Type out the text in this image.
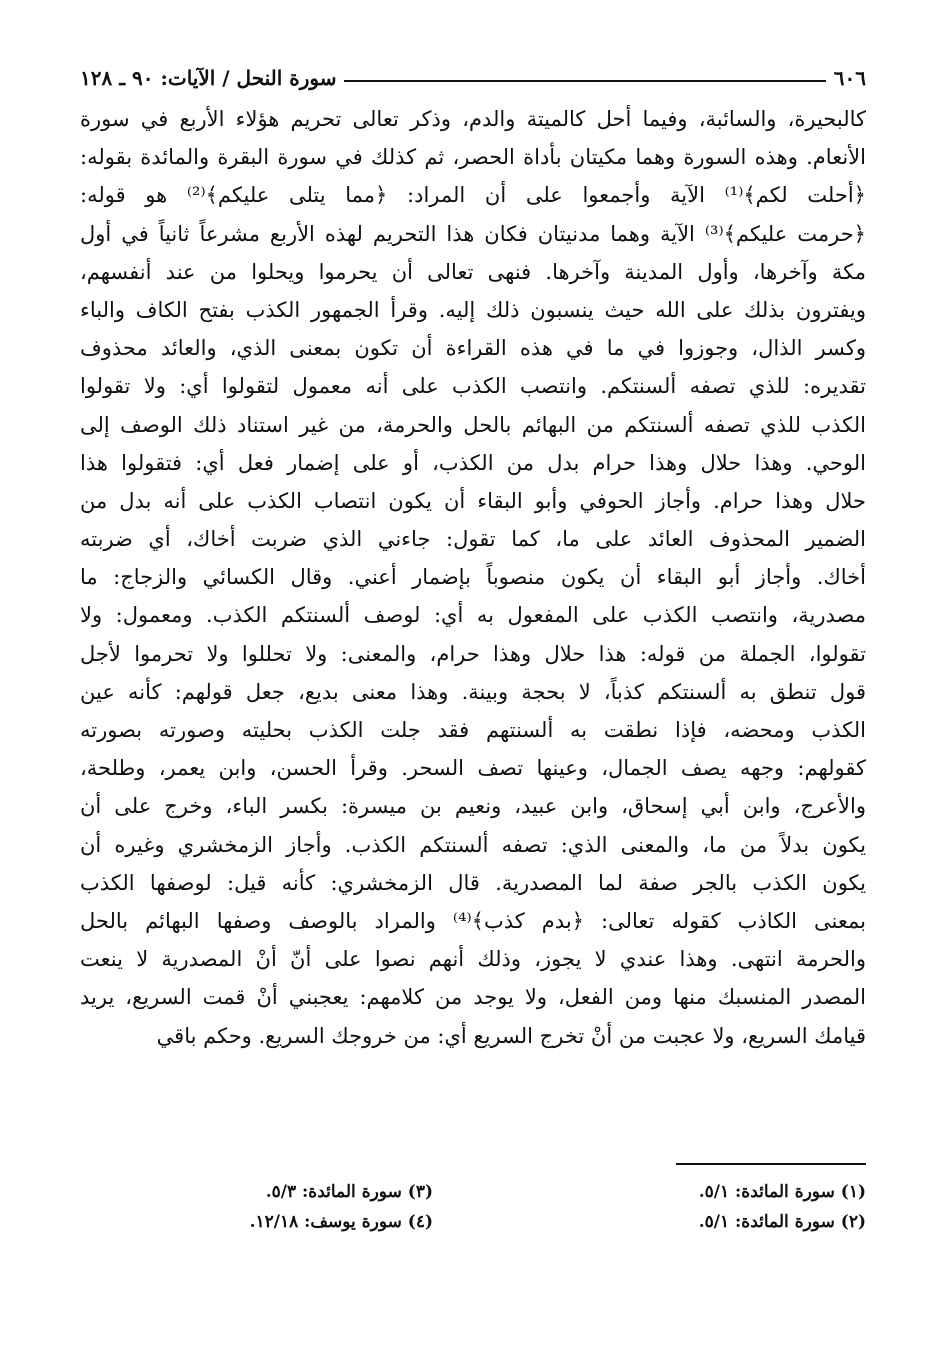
٦٠٦
سورة النحل / الآيات: ٩٠ ـ ١٢٨
كالبحيرة، والسائبة، وفيما أحل كالميتة والدم، وذكر تعالى تحريم هؤلاء الأربع في سورة
الأنعام. وهذه السورة وهما مكيتان بأداة الحصر، ثم كذلك في سورة البقرة والمائدة بقوله:
﴿أحلت لكم﴾⁽¹⁾ الآية وأجمعوا على أن المراد: ﴿مما يتلى عليكم﴾⁽²⁾ هو قوله:
﴿حرمت عليكم﴾⁽³⁾ الآية وهما مدنيتان فكان هذا التحريم لهذه الأربع مشرعاً ثانياً في أول
مكة وآخرها، وأول المدينة وآخرها. فنهى تعالى أن يحرموا ويحلوا من عند أنفسهم،
ويفترون بذلك على الله حيث ينسبون ذلك إليه. وقرأ الجمهور الكذب بفتح الكاف والباء
وكسر الذال، وجوزوا في ما في هذه القراءة أن تكون بمعنى الذي، والعائد محذوف
تقديره: للذي تصفه ألسنتكم. وانتصب الكذب على أنه معمول لتقولوا أي: ولا تقولوا
الكذب للذي تصفه ألسنتكم من البهائم بالحل والحرمة، من غير استناد ذلك الوصف إلى
الوحي. وهذا حلال وهذا حرام بدل من الكذب، أو على إضمار فعل أي: فتقولوا هذا
حلال وهذا حرام. وأجاز الحوفي وأبو البقاء أن يكون انتصاب الكذب على أنه بدل من
الضمير المحذوف العائد على ما، كما تقول: جاءني الذي ضربت أخاك، أي ضربته
أخاك. وأجاز أبو البقاء أن يكون منصوباً بإضمار أعني. وقال الكسائي والزجاج: ما
مصدرية، وانتصب الكذب على المفعول به أي: لوصف ألسنتكم الكذب. ومعمول: ولا
تقولوا، الجملة من قوله: هذا حلال وهذا حرام، والمعنى: ولا تحللوا ولا تحرموا لأجل
قول تنطق به ألسنتكم كذباً، لا بحجة وبينة. وهذا معنى بديع، جعل قولهم: كأنه عين
الكذب ومحضه، فإذا نطقت به ألسنتهم فقد جلت الكذب بحليته وصورته بصورته
كقولهم: وجهه يصف الجمال، وعينها تصف السحر. وقرأ الحسن، وابن يعمر، وطلحة،
والأعرج، وابن أبي إسحاق، وابن عبيد، ونعيم بن ميسرة: بكسر الباء، وخرج على أن
يكون بدلاً من ما، والمعنى الذي: تصفه ألسنتكم الكذب. وأجاز الزمخشري وغيره أن
يكون الكذب بالجر صفة لما المصدرية. قال الزمخشري: كأنه قيل: لوصفها الكذب
بمعنى الكاذب كقوله تعالى: ﴿بدم كذب﴾⁽⁴⁾ والمراد بالوصف وصفها البهائم بالحل
والحرمة انتهى. وهذا عندي لا يجوز، وذلك أنهم نصوا على أنّ أنْ المصدرية لا ينعت
المصدر المنسبك منها ومن الفعل، ولا يوجد من كلامهم: يعجبني أنْ قمت السريع، يريد
قيامك السريع، ولا عجبت من أنْ تخرج السريع أي: من خروجك السريع. وحكم باقي
(١) سورة المائدة: ٥/١.
(٣) سورة المائدة: ٥/٣.
(٢) سورة المائدة: ٥/١.
(٤) سورة يوسف: ١٢/١٨.
